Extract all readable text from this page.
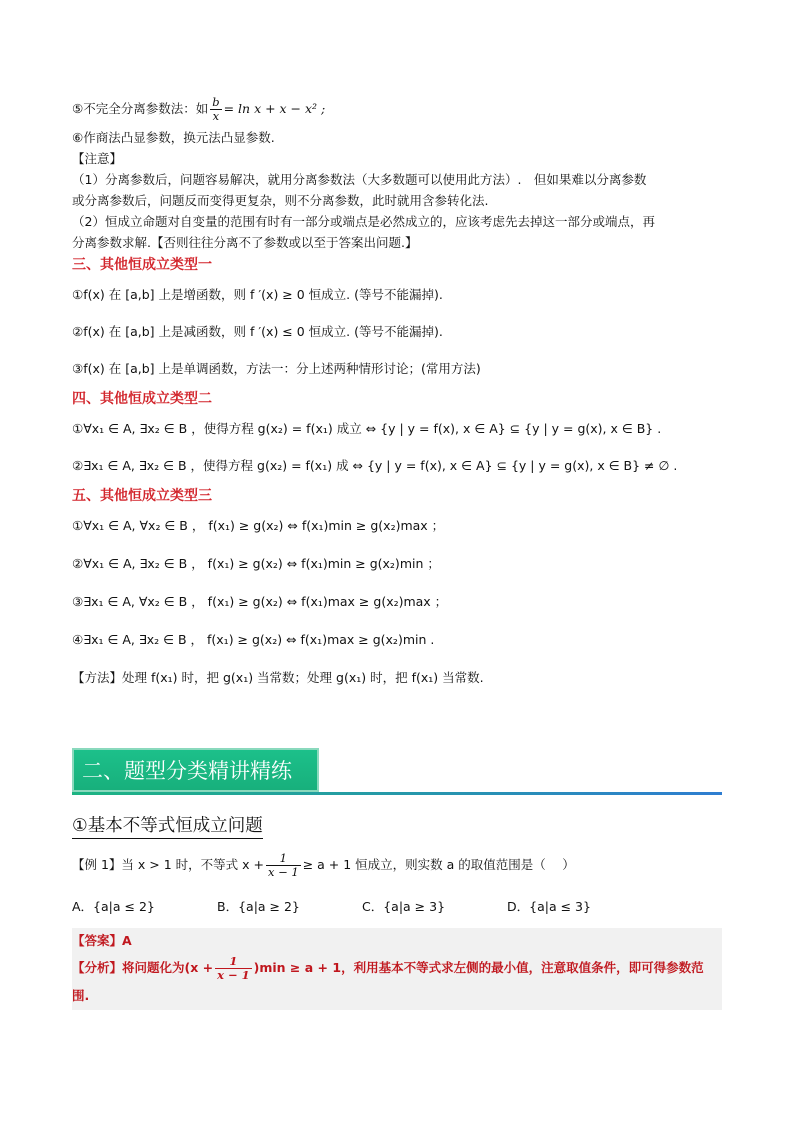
⑤不完全分离参数法：如 $\frac{b}{x} = \ln x + x - x^2$ ;

⑥作商法凸显参数，换元法凸显参数.

【注意】

（1）分离参数后，问题容易解决，就用分离参数法（大多数题可以使用此方法）.　但如果难以分离参数

或分离参数后，问题反而变得更复杂，则不分离参数，此时就用含参转化法.

（2）恒成立命题对自变量的范围有时有一部分或端点是必然成立的，应该考虑先去掉这一部分或端点，再

分离参数求解.【否则往往分离不了参数或以至于答案出问题.】

三、其他恒成立类型一

①f(x) 在 [a,b] 上是增函数，则 f ′(x) ≥ 0 恒成立. (等号不能漏掉).

②f(x) 在 [a,b] 上是减函数，则 f ′(x) ≤ 0 恒成立. (等号不能漏掉).

③f(x) 在 [a,b] 上是单调函数，方法一：分上述两种情形讨论；(常用方法)

四、其他恒成立类型二

①∀x₁ ∈ A, ∃x₂ ∈ B ，使得方程 g(x₂) = f(x₁) 成立 ⇔ {y | y = f(x), x ∈ A} ⊆ {y | y = g(x), x ∈ B} .

②∃x₁ ∈ A, ∃x₂ ∈ B ，使得方程 g(x₂) = f(x₁) 成 ⇔ {y | y = f(x), x ∈ A} ⊆ {y | y = g(x), x ∈ B} ≠ ∅ .

五、其他恒成立类型三

①∀x₁ ∈ A, ∀x₂ ∈ B ， f(x₁) ≥ g(x₂) ⇔ f(x₁)min ≥ g(x₂)max ；

②∀x₁ ∈ A, ∃x₂ ∈ B ， f(x₁) ≥ g(x₂) ⇔ f(x₁)min ≥ g(x₂)min ；

③∃x₁ ∈ A, ∀x₂ ∈ B ， f(x₁) ≥ g(x₂) ⇔ f(x₁)max ≥ g(x₂)max ；

④∃x₁ ∈ A, ∃x₂ ∈ B ， f(x₁) ≥ g(x₂) ⇔ f(x₁)max ≥ g(x₂)min .

【方法】处理 f(x₁) 时，把 g(x₁) 当常数；处理 g(x₁) 时，把 f(x₁) 当常数.

二、题型分类精讲精练
①基本不等式恒成立问题
【例 1】当 x > 1 时，不等式 $x + \frac{1}{x - 1} \ge a + 1$ 恒成立，则实数 a 的取值范围是（　 ）
A．{a|a ≤ 2}	B．{a|a ≥ 2}	C．{a|a ≥ 3}	D．{a|a ≤ 3}
【答案】A
【分析】将问题化为$(x + \frac{1}{x - 1} )\min \ge a + 1$，利用基本不等式求左侧的最小值，注意取值条件，即可得参数范
围.
